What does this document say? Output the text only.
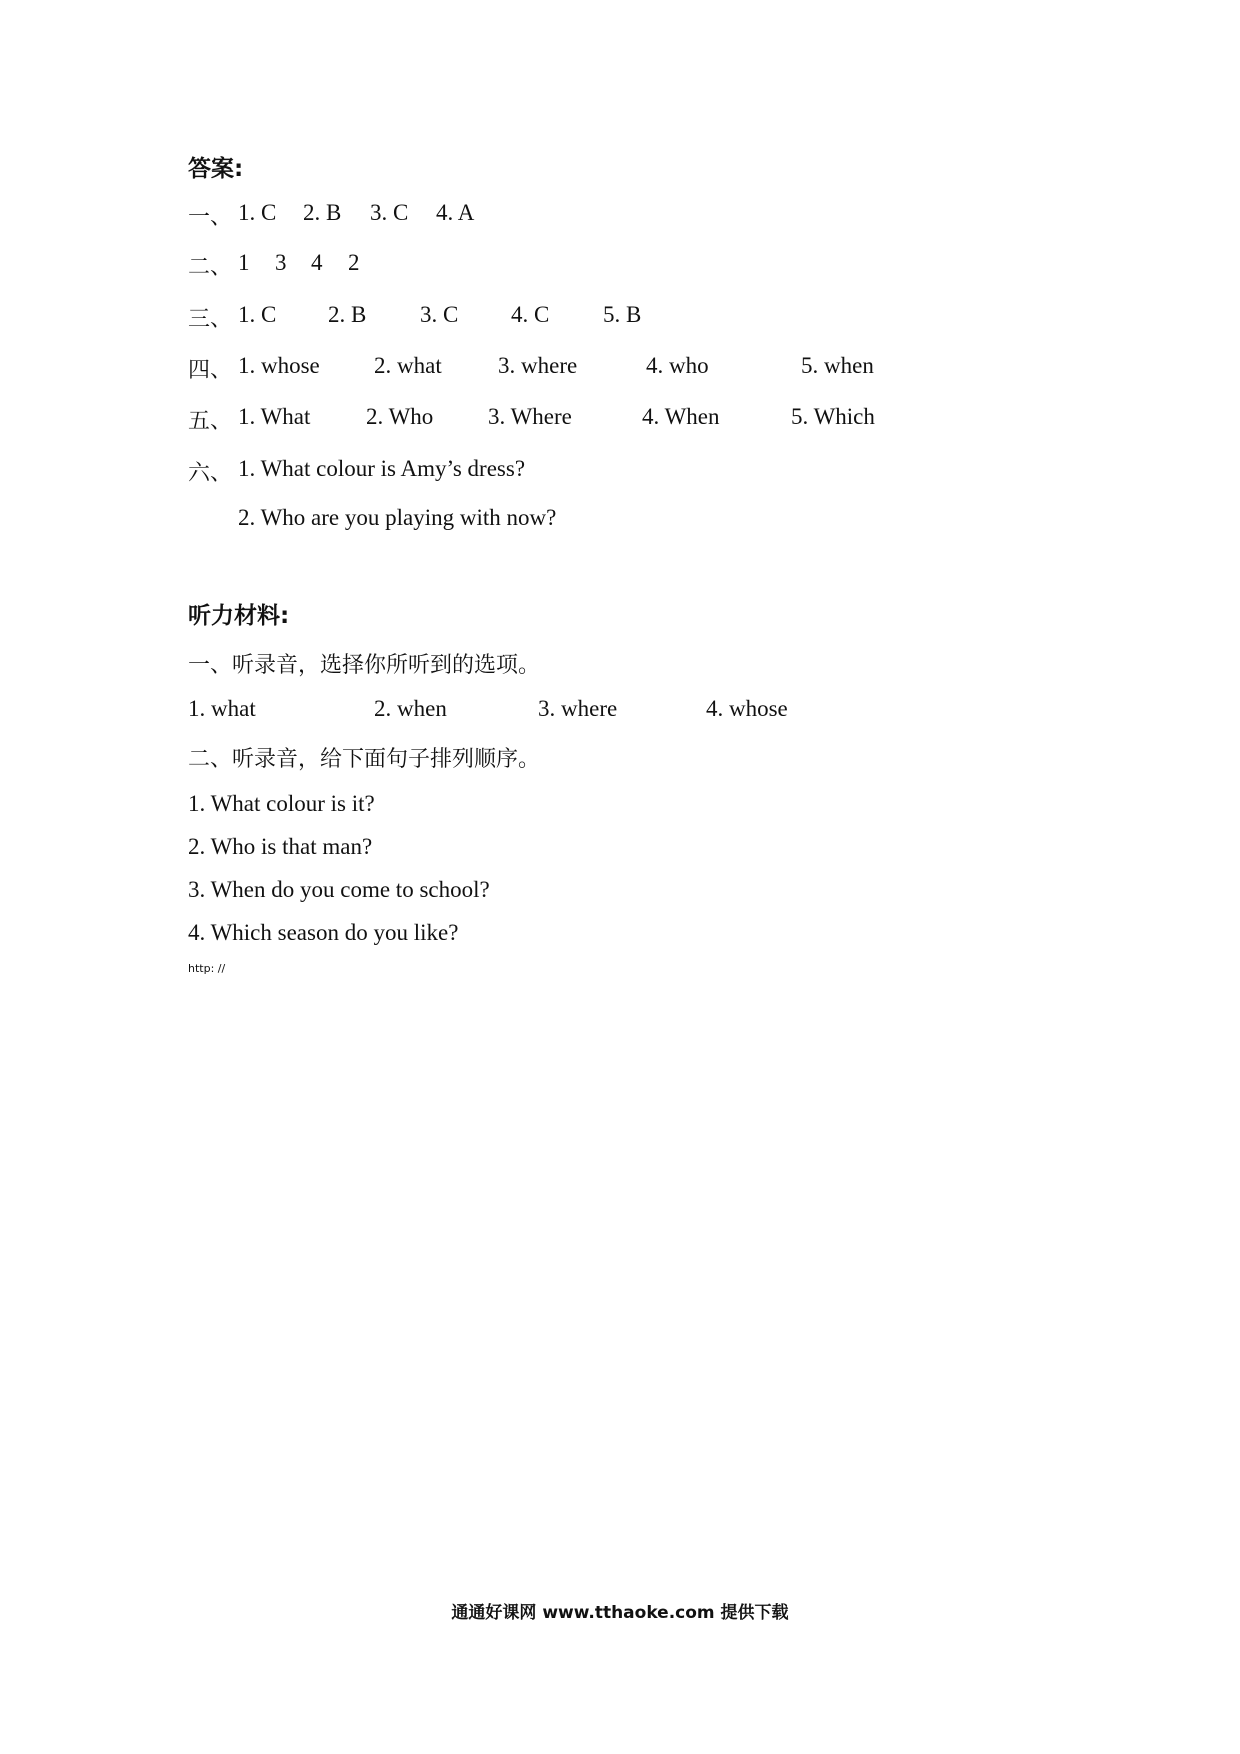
答案:
一、 1. C 2. B 3. C 4. A
二、 1 3 4 2
三、 1. C 2. B 3. C 4. C 5. B
四、 1. whose 2. what 3. where	4. who	5. when
五、 1. What 2. Who 3. Where	4. When	5. Which
六、 1. What colour is Amy’s dress?
2. Who are you playing with now?
听力材料:
一、听录音，选择你所听到的选项。
1. what	2. when	3. where	4. whose
二、听录音，给下面句子排列顺序。
1. What colour is it?
2. Who is that man?
3. When do you come to school?
4. Which season do you like?
http: //
通通好课网 www.tthaoke.com 提供下载
